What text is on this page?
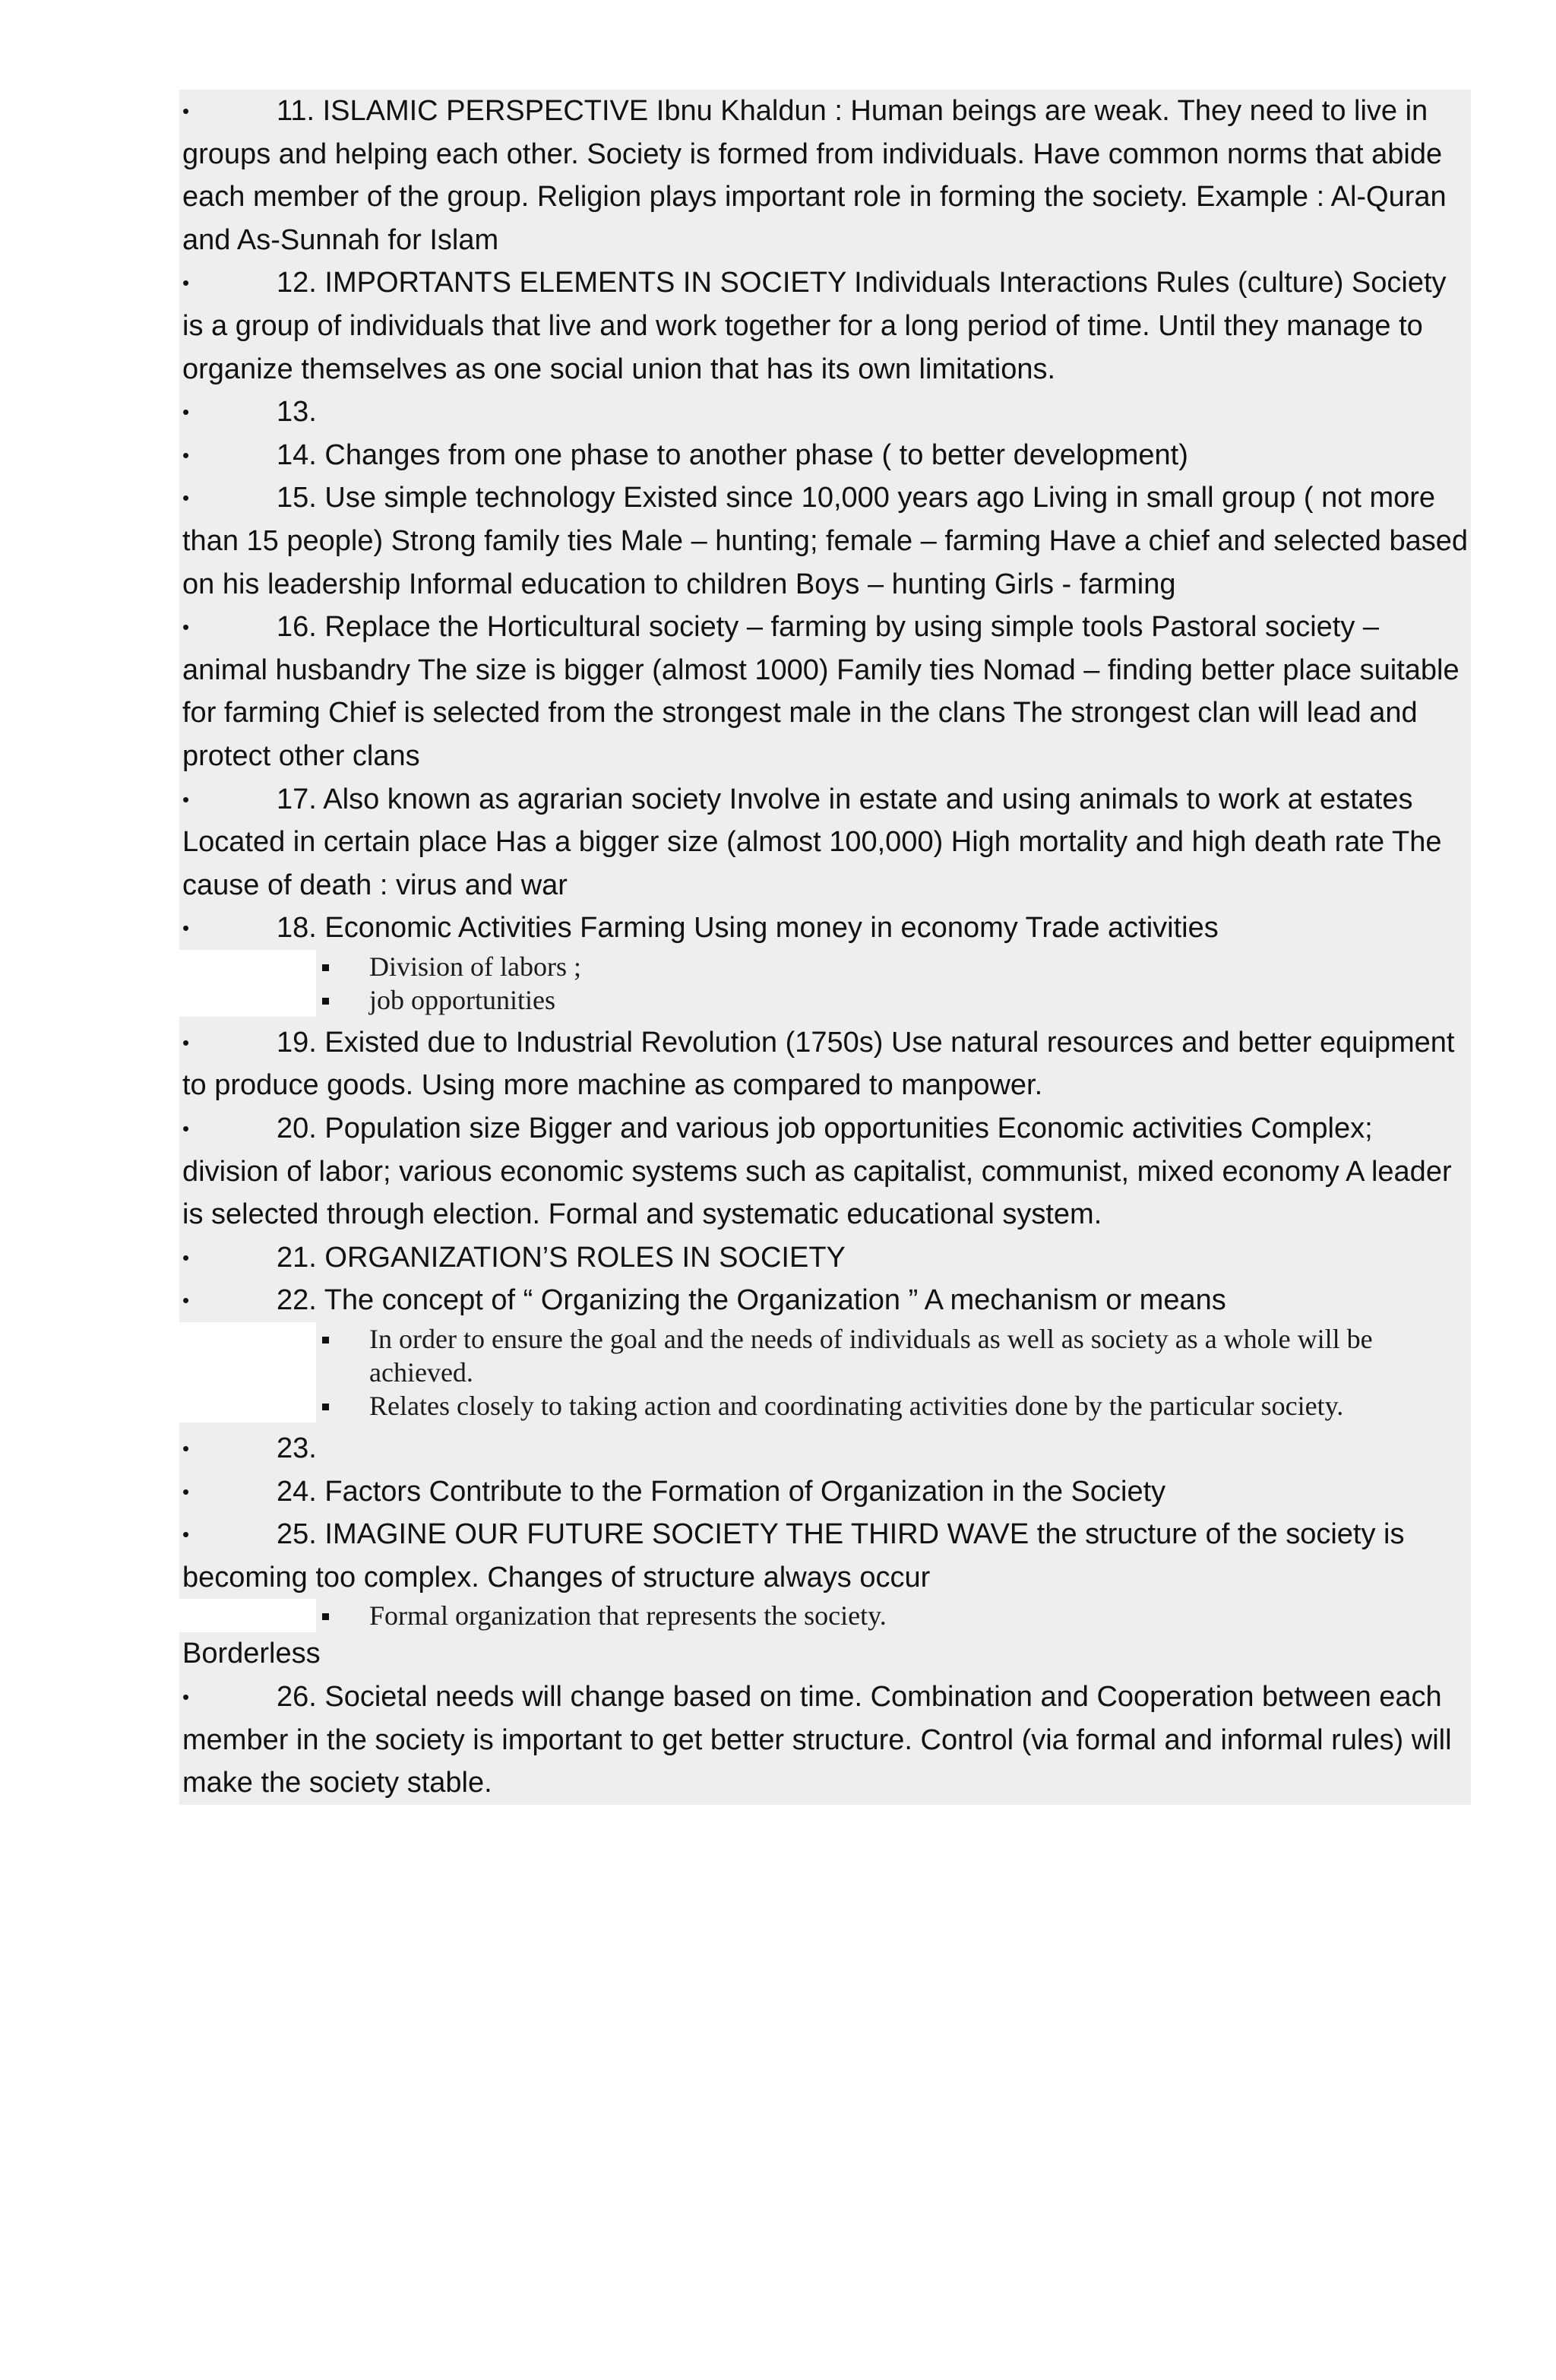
•	11. ISLAMIC PERSPECTIVE Ibnu Khaldun : Human beings are weak. They need to live in groups and helping each other. Society is formed from individuals. Have common norms that abide each member of the group. Religion plays important role in forming the society. Example : Al-Quran and As-Sunnah for Islam
•	12. IMPORTANTS ELEMENTS IN SOCIETY Individuals Interactions Rules (culture) Society is a group of individuals that live and work together for a long period of time. Until they manage to organize themselves as one social union that has its own limitations.
•	13.
•	14. Changes from one phase to another phase ( to better development)
•	15. Use simple technology Existed since 10,000 years ago Living in small group ( not more than 15 people) Strong family ties Male – hunting; female – farming Have a chief and selected based on his leadership Informal education to children Boys – hunting Girls - farming
•	16. Replace the Horticultural society – farming by using simple tools Pastoral society – animal husbandry The size is bigger (almost 1000) Family ties Nomad – finding better place suitable for farming Chief is selected from the strongest male in the clans The strongest clan will lead and protect other clans
•	17. Also known as agrarian society Involve in estate and using animals to work at estates Located in certain place Has a bigger size (almost 100,000) High mortality and high death rate The cause of death : virus and war
•	18. Economic Activities Farming Using money in economy Trade activities
Division of labors ;
job opportunities
•	19. Existed due to Industrial Revolution (1750s) Use natural resources and better equipment to produce goods. Using more machine as compared to manpower.
•	20. Population size Bigger and various job opportunities Economic activities Complex; division of labor; various economic systems such as capitalist, communist, mixed economy A leader is selected through election. Formal and systematic educational system.
•	21. ORGANIZATION’S ROLES IN SOCIETY
•	22. The concept of “ Organizing the Organization ” A mechanism or means
In order to ensure the goal and the needs of individuals as well as society as a whole will be achieved.
Relates closely to taking action and coordinating activities done by the particular society.
•	23.
•	24. Factors Contribute to the Formation of Organization in the Society
•	25. IMAGINE OUR FUTURE SOCIETY THE THIRD WAVE the structure of the society is becoming too complex. Changes of structure always occur
Formal organization that represents the society.
Borderless
•	26. Societal needs will change based on time. Combination and Cooperation between each member in the society is important to get better structure. Control (via formal and informal rules) will make the society stable.
